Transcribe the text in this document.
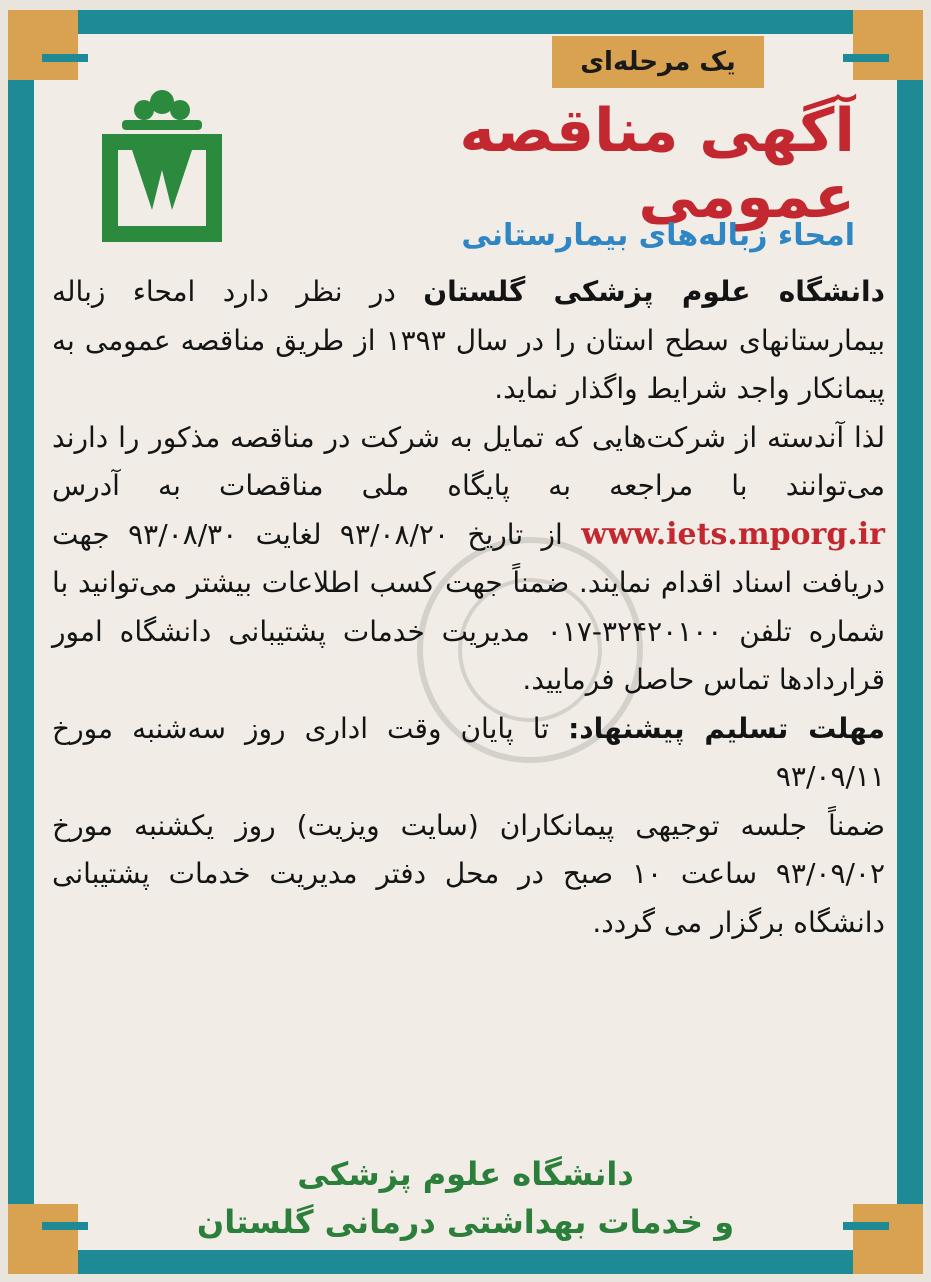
یک مرحله‌ای
آگهی مناقصه عمومی
امحاء زباله‌های بیمارستانی

دانشگاه علوم پزشکی گلستان در نظر دارد امحاء زباله بیمارستانهای سطح استان را در سال ۱۳۹۳ از طریق مناقصه عمومی به پیمانکار واجد شرایط واگذار نماید.

لذا آندسته از شرکت‌هایی که تمایل به شرکت در مناقصه مذکور را دارند می‌توانند با مراجعه به پایگاه ملی مناقصات به آدرس www.iets.mporg.ir از تاریخ ۹۳/۰۸/۲۰ لغایت ۹۳/۰۸/۳۰ جهت دریافت اسناد اقدام نمایند. ضمناً جهت کسب اطلاعات بیشتر می‌توانید با شماره تلفن ۳۲۴۲۰۱۰۰-۰۱۷ مدیریت خدمات پشتیبانی دانشگاه امور قراردادها تماس حاصل فرمایید.

مهلت تسلیم پیشنهاد: تا پایان وقت اداری روز سه‌شنبه مورخ ۹۳/۰۹/۱۱

ضمناً جلسه توجیهی پیمانکاران (سایت ویزیت) روز یکشنبه مورخ ۹۳/۰۹/۰۲ ساعت ۱۰ صبح در محل دفتر مدیریت خدمات پشتیبانی دانشگاه برگزار می گردد.

دانشگاه علوم پزشکی
و خدمات بهداشتی درمانی گلستان
